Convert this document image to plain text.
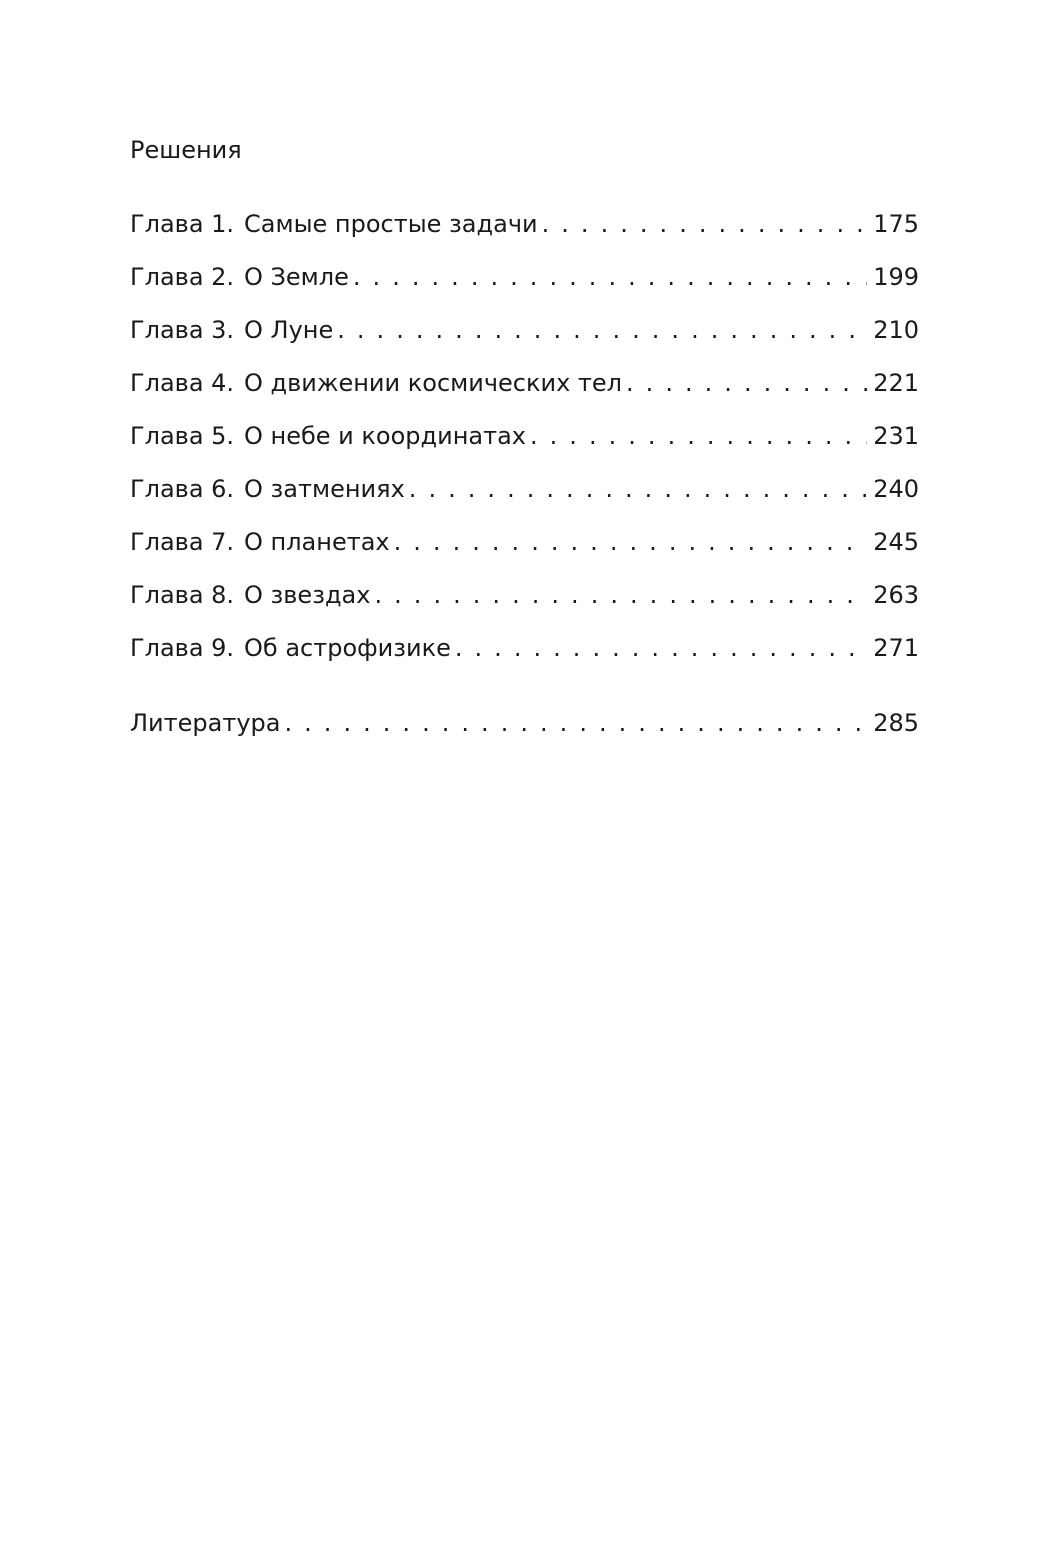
Решения
Глава 1. Самые простые задачи . . .	175
Глава 2. О Земле . . .	199
Глава 3. О Луне . . .	210
Глава 4. О движении космических тел . . .	221
Глава 5. О небе и координатах . . .	231
Глава 6. О затмениях . . .	240
Глава 7. О планетах . . .	245
Глава 8. О звездах . . .	263
Глава 9. Об астрофизике . . .	271
Литература . . .	285
